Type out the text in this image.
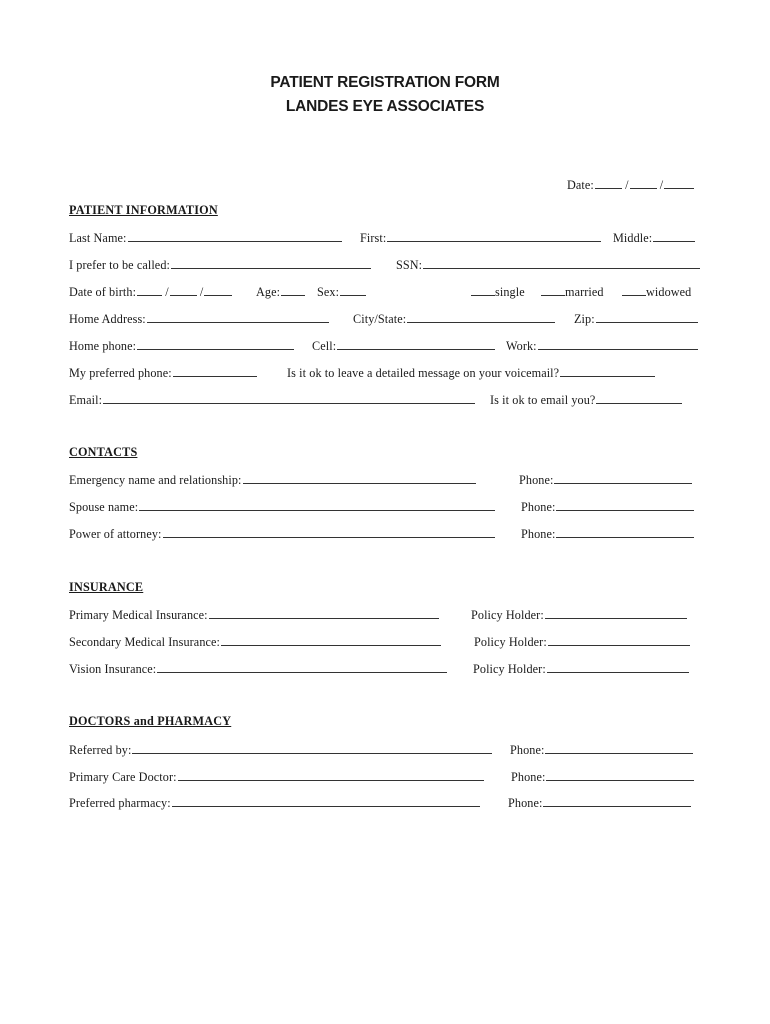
PATIENT REGISTRATION FORM
LANDES EYE ASSOCIATES
Date:	/	/
PATIENT INFORMATION
Last Name:	First:	Middle:
I prefer to be called:	SSN:
Date of birth: /	/	Age:	Sex:	single	married	widowed
Home Address:	City/State:	Zip:
Home phone:	Cell:	Work:
My preferred phone:	Is it ok to leave a detailed message on your voicemail?
Email:	Is it ok to email you?
CONTACTS
Emergency name and relationship:	Phone:
Spouse name:	Phone:
Power of attorney:	Phone:
INSURANCE
Primary Medical Insurance:	Policy Holder:
Secondary Medical Insurance:	Policy Holder:
Vision Insurance:	Policy Holder:
DOCTORS and PHARMACY
Referred by:	Phone:
Primary Care Doctor:	Phone:
Preferred pharmacy:	Phone:
